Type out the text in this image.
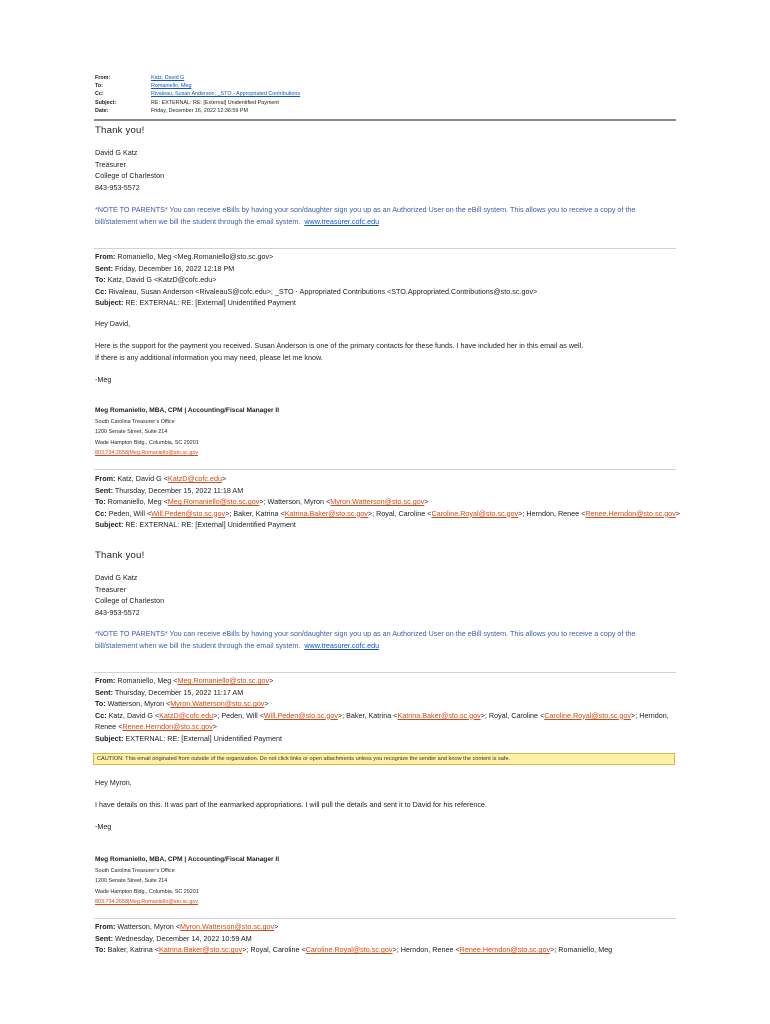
From:	Katz, David G
To:	Romaniello, Meg
Cc:	Rivaleau, Susan Anderson; _STO - Appropriated Contributions
Subject:	RE: EXTERNAL: RE: [External] Unidentified Payment
Date:	Friday, December 16, 2022 12:36:59 PM
Thank you!

David G Katz

Treasurer

College of Charleston

843-953-5572

*NOTE TO PARENTS* You can receive eBills by having your son/daughter sign you up as an Authorized User on the eBill system. This allows you to receive a copy of the bill/statement when we bill the student through the email system. www.treasurer.cofc.edu

From: Romaniello, Meg <Meg.Romaniello@sto.sc.gov>

Sent: Friday, December 16, 2022 12:18 PM

To: Katz, David G <KatzD@cofc.edu>

Cc: Rivaleau, Susan Anderson <RivaleauS@cofc.edu>; _STO - Appropriated Contributions <STO.Appropriated.Contributions@sto.sc.gov>

Subject: RE: EXTERNAL: RE: [External] Unidentified Payment

Hey David,

Here is the support for the payment you received. Susan Anderson is one of the primary contacts for these funds. I have included her in this email as well.

If there is any additional information you may need, please let me know.

-Meg

Meg Romaniello, MBA, CPM | Accounting/Fiscal Manager II

South Carolina Treasurer’s Office

1200 Senate Street, Suite 214

Wade Hampton Bldg., Columbia, SC 29201

803.734.2658|Meg.Romaniello@sto.sc.gov

From: Katz, David G <KatzD@cofc.edu>

Sent: Thursday, December 15, 2022 11:18 AM

To: Romaniello, Meg <Meg.Romaniello@sto.sc.gov>; Watterson, Myron <Myron.Watterson@sto.sc.gov>

Cc: Peden, Will <Will.Peden@sto.sc.gov>; Baker, Katrina <Katrina.Baker@sto.sc.gov>; Royal, Caroline <Caroline.Royal@sto.sc.gov>; Herndon, Renee <Renee.Herndon@sto.sc.gov>

Subject: RE: EXTERNAL: RE: [External] Unidentified Payment

Thank you!

David G Katz

Treasurer

College of Charleston

843-953-5572

*NOTE TO PARENTS* You can receive eBills by having your son/daughter sign you up as an Authorized User on the eBill system. This allows you to receive a copy of the bill/statement when we bill the student through the email system. www.treasurer.cofc.edu

From: Romaniello, Meg <Meg.Romaniello@sto.sc.gov>

Sent: Thursday, December 15, 2022 11:17 AM

To: Watterson, Myron <Myron.Watterson@sto.sc.gov>

Cc: Katz, David G <KatzD@cofc.edu>; Peden, Will <Will.Peden@sto.sc.gov>; Baker, Katrina <Katrina.Baker@sto.sc.gov>; Royal, Caroline <Caroline.Royal@sto.sc.gov>; Herndon, Renee <Renee.Herndon@sto.sc.gov>

Subject: EXTERNAL: RE: [External] Unidentified Payment

CAUTION: This email originated from outside of the organization. Do not click links or open attachments unless you recognize the sender and know the content is safe.
Hey Myron,
I have details on this. It was part of the earmarked appropriations. I will pull the details and sent it to David for his reference.
-Meg

Meg Romaniello, MBA, CPM | Accounting/Fiscal Manager II

South Carolina Treasurer’s Office

1200 Senate Street, Suite 214

Wade Hampton Bldg., Columbia, SC 29201

803.734.2658|Meg.Romaniello@sto.sc.gov

From: Watterson, Myron <Myron.Watterson@sto.sc.gov>

Sent: Wednesday, December 14, 2022 10:59 AM

To: Baker, Katrina <Katrina.Baker@sto.sc.gov>; Royal, Caroline <Caroline.Royal@sto.sc.gov>; Herndon, Renee <Renee.Herndon@sto.sc.gov>; Romaniello, Meg
